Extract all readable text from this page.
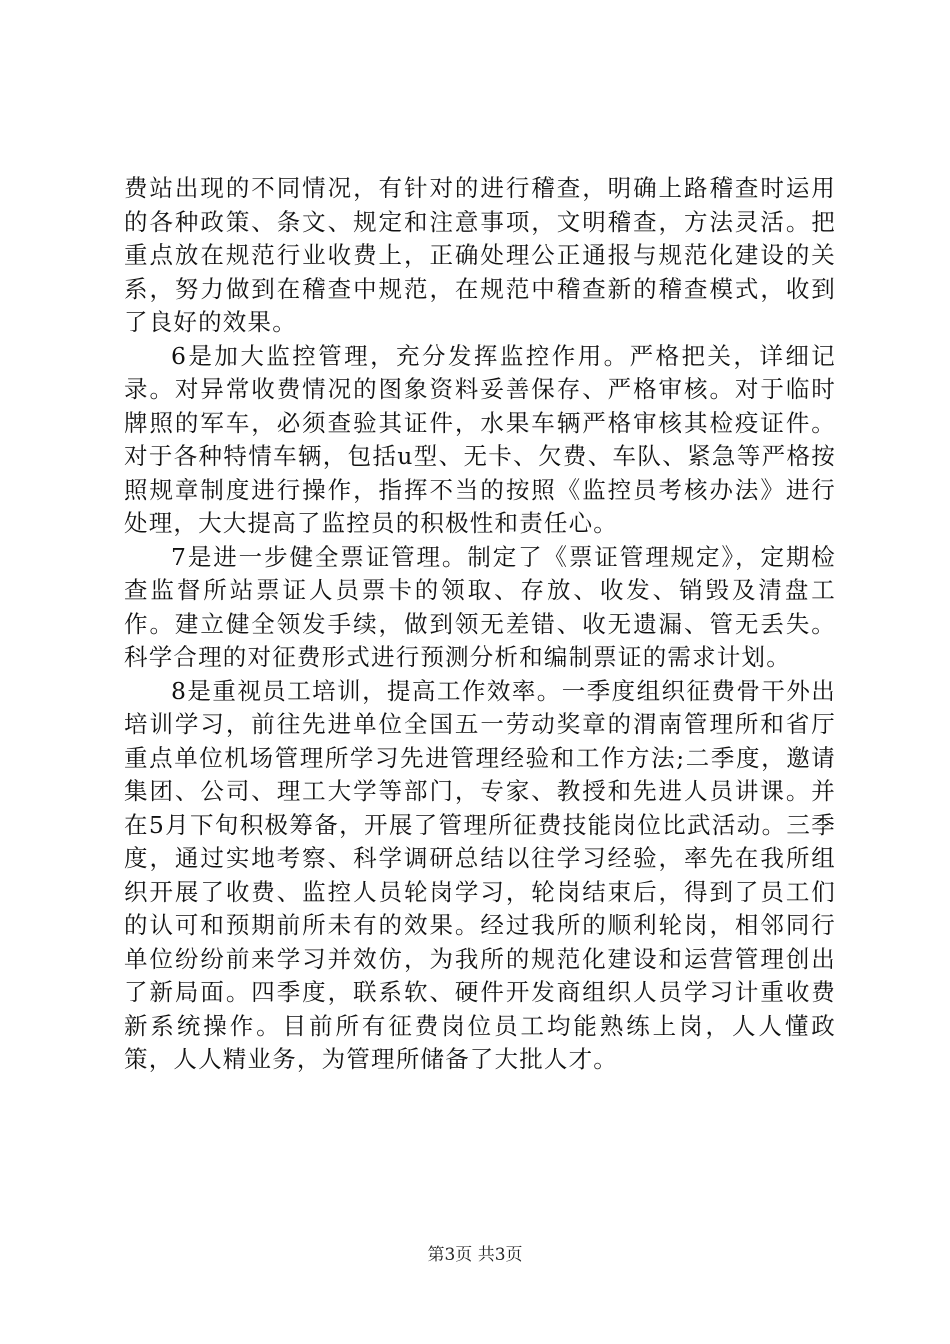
费站出现的不同情况，有针对的进行稽查，明确上路稽查时运用的各种政策、条文、规定和注意事项，文明稽查，方法灵活。把重点放在规范行业收费上，正确处理公正通报与规范化建设的关系，努力做到在稽查中规范，在规范中稽查新的稽查模式，收到了良好的效果。

6是加大监控管理，充分发挥监控作用。严格把关，详细记录。对异常收费情况的图象资料妥善保存、严格审核。对于临时牌照的军车，必须查验其证件，水果车辆严格审核其检疫证件。对于各种特情车辆，包括u型、无卡、欠费、车队、紧急等严格按照规章制度进行操作，指挥不当的按照《监控员考核办法》进行处理，大大提高了监控员的积极性和责任心。

7是进一步健全票证管理。制定了《票证管理规定》，定期检查监督所站票证人员票卡的领取、存放、收发、销毁及清盘工作。建立健全领发手续，做到领无差错、收无遗漏、管无丢失。科学合理的对征费形式进行预测分析和编制票证的需求计划。

8是重视员工培训，提高工作效率。一季度组织征费骨干外出培训学习，前往先进单位全国五一劳动奖章的渭南管理所和省厅重点单位机场管理所学习先进管理经验和工作方法;二季度，邀请集团、公司、理工大学等部门，专家、教授和先进人员讲课。并在5月下旬积极筹备，开展了管理所征费技能岗位比武活动。三季度，通过实地考察、科学调研总结以往学习经验，率先在我所组织开展了收费、监控人员轮岗学习，轮岗结束后，得到了员工们的认可和预期前所未有的效果。经过我所的顺利轮岗，相邻同行单位纷纷前来学习并效仿，为我所的规范化建设和运营管理创出了新局面。四季度，联系软、硬件开发商组织人员学习计重收费新系统操作。目前所有征费岗位员工均能熟练上岗，人人懂政策，人人精业务，为管理所储备了大批人才。

第3页 共3页
